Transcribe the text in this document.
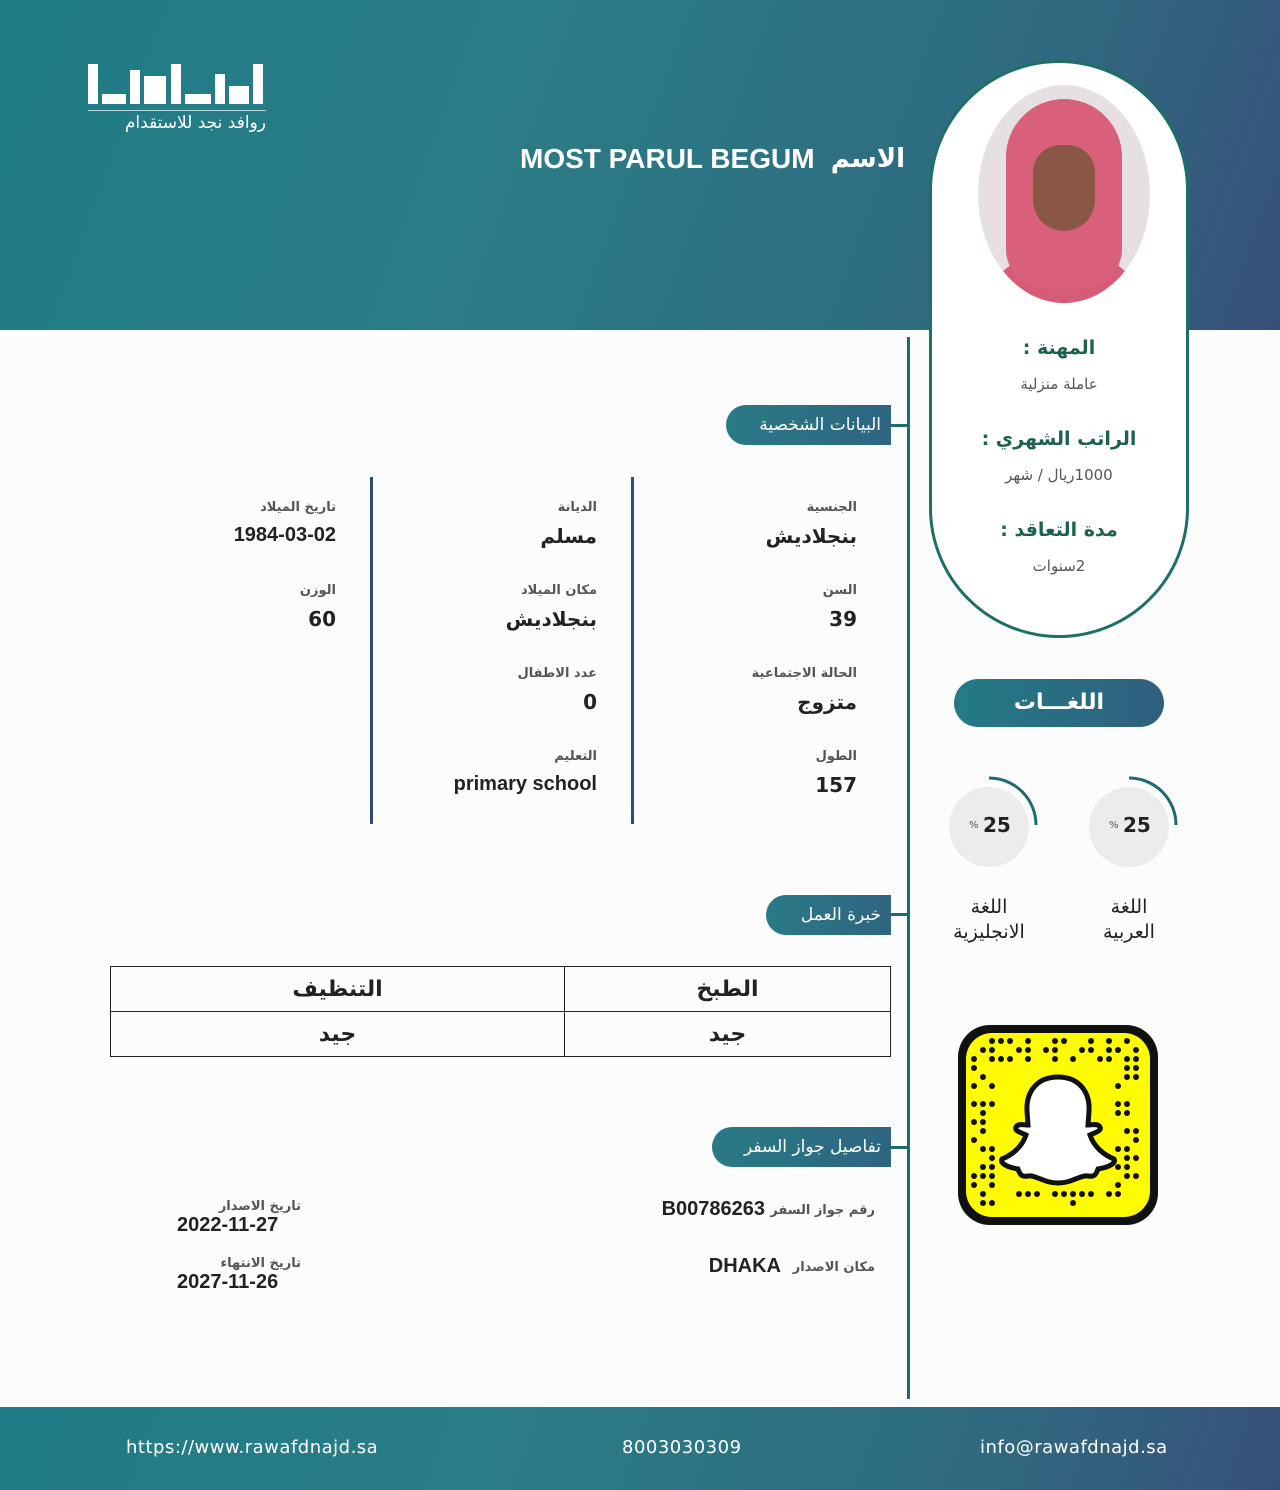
روافد نجد للاستقدام
MOST PARUL BEGUM الاسم
المهنة :
عاملة منزلية
الراتب الشهري :
1000ريال / شهر
مدة التعاقد :
2سنوات
البيانات الشخصية
الجنسية
بنجلاديش
السن
39
الحالة الاجتماعية
متزوج
الطول
157
الديانة
مسلم
مكان الميلاد
بنجلاديش
عدد الاطفال
0
التعليم
primary school
تاريخ الميلاد
1984-03-02
الوزن
60
خبرة العمل
الطبخ	التنظيف
جيد	جيد
تفاصيل جواز السفر
رقم جواز السفر
B00786263
مكان الاصدار
DHAKA
تاريخ الاصدار
2022-11-27
تاريخ الانتهاء
2027-11-26
اللغـــات
25
%
اللغة
العربية
25
%
اللغة
الانجليزية
https://www.rawafdnajd.sa	8003030309	info@rawafdnajd.sa
